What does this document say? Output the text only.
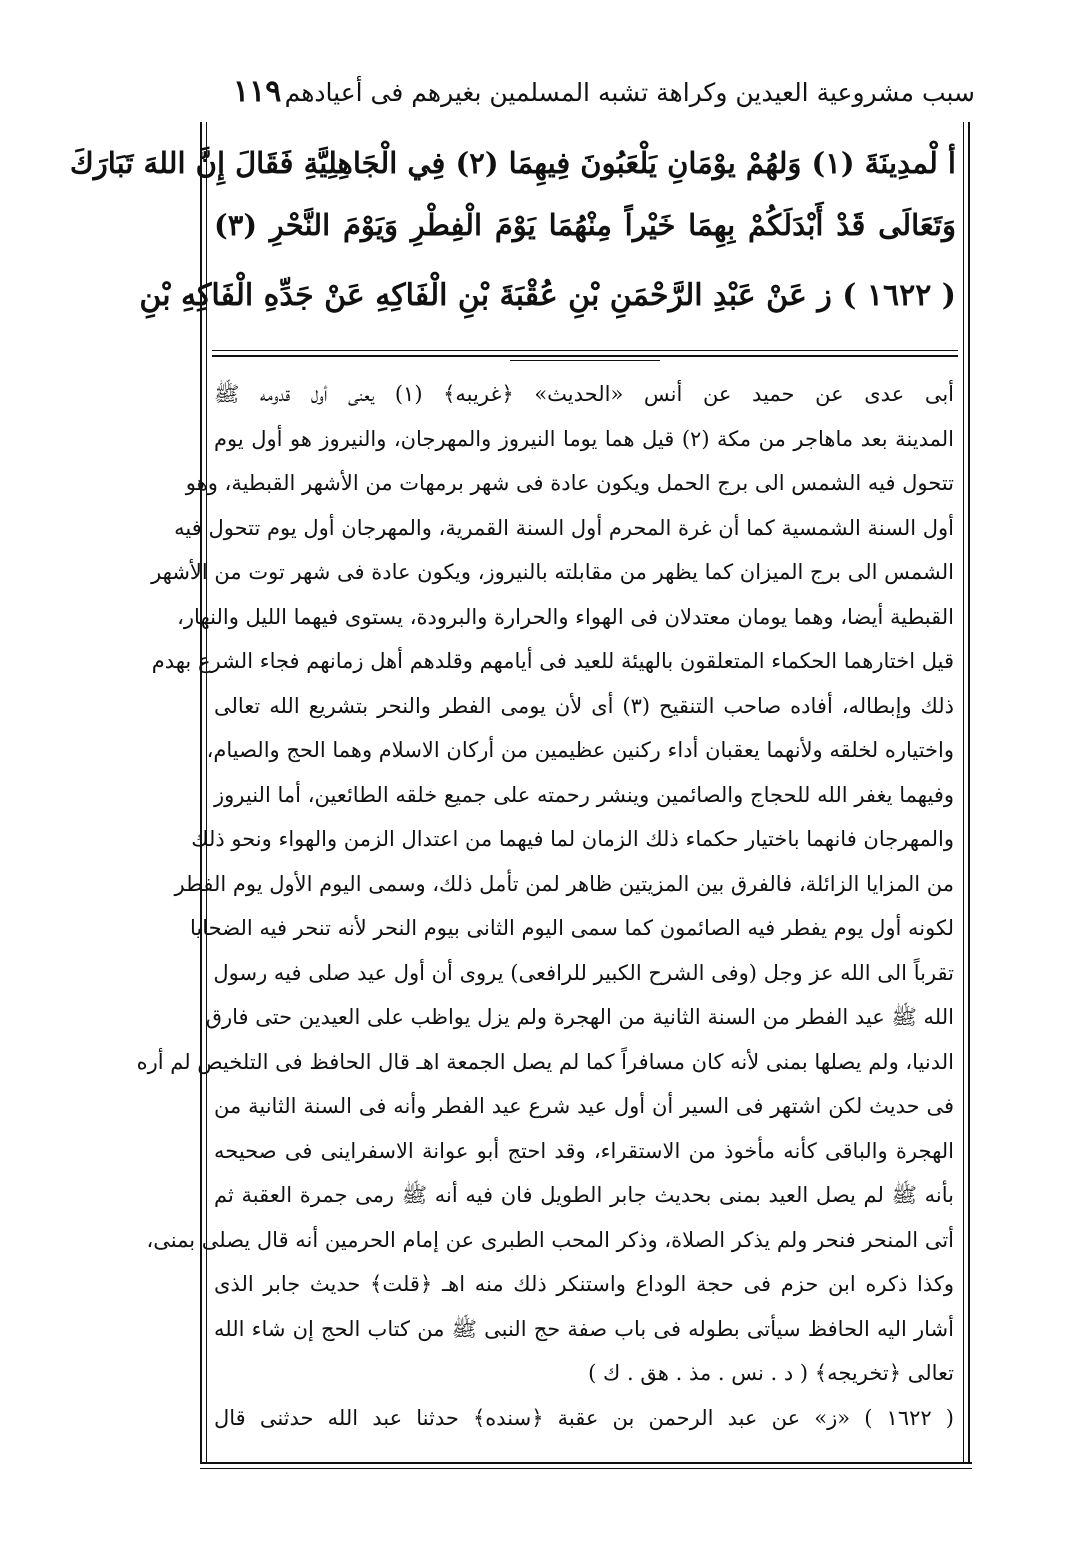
سبب مشروعية العيدين وكراهة تشبه المسلمين بغيرهم فى أعيادهم
١١٩
أ لْمدِينَةَ (١) وَلهُمْ يوْمَانِ يَلْعَبُونَ فِيهِمَا (٢) فِي الْجَاهِلِيَّةِ فَقَالَ إِنَّ اللهَ تَبَارَكَ
وَتَعَالَى قَدْ أَبْدَلَكُمْ بِهِمَا خَيْراً مِنْهُمَا يَوْمَ الْفِطْرِ وَيَوْمَ النَّحْرِ (٣)
( ١٦٢٢ ) ز عَنْ عَبْدِ الرَّحْمَنِ بْنِ عُقْبَةَ بْنِ الْفَاكِهِ عَنْ جَدِّهِ الْفَاكِهِ بْنِ
أبى عدى عن حميد عن أنس «الحديث» ﴿غريبه﴾ (١) يعنى أول قدومه ﷺ
المدينة بعد ماهاجر من مكة (٢) قيل هما يوما النيروز والمهرجان، والنيروز هو أول يوم
تتحول فيه الشمس الى برج الحمل ويكون عادة فى شهر برمهات من الأشهر القبطية، وهو
أول السنة الشمسية كما أن غرة المحرم أول السنة القمرية، والمهرجان أول يوم تتحول فيه
الشمس الى برج الميزان كما يظهر من مقابلته بالنيروز، ويكون عادة فى شهر توت من الأشهر
القبطية أيضا، وهما يومان معتدلان فى الهواء والحرارة والبرودة، يستوى فيهما الليل والنهار،
قيل اختارهما الحكماء المتعلقون بالهيئة للعيد فى أيامهم وقلدهم أهل زمانهم فجاء الشرع بهدم
ذلك وإبطاله، أفاده صاحب التنقيح (٣) أى لأن يومى الفطر والنحر بتشريع الله تعالى
واختياره لخلقه ولأنهما يعقبان أداء ركنين عظيمين من أركان الاسلام وهما الحج والصيام،
وفيهما يغفر الله للحجاج والصائمين وينشر رحمته على جميع خلقه الطائعين، أما النيروز
والمهرجان فانهما باختيار حكماء ذلك الزمان لما فيهما من اعتدال الزمن والهواء ونحو ذلك
من المزايا الزائلة، فالفرق بين المزيتين ظاهر لمن تأمل ذلك، وسمى اليوم الأول يوم الفطر
لكونه أول يوم يفطر فيه الصائمون كما سمى اليوم الثانى بيوم النحر لأنه تنحر فيه الضحايا
تقرباً الى الله عز وجل (وفى الشرح الكبير للرافعى) يروى أن أول عيد صلى فيه رسول
الله ﷺ عيد الفطر من السنة الثانية من الهجرة ولم يزل يواظب على العيدين حتى فارق
الدنيا، ولم يصلها بمنى لأنه كان مسافراً كما لم يصل الجمعة اهـ قال الحافظ فى التلخيص لم أره
فى حديث لكن اشتهر فى السير أن أول عيد شرع عيد الفطر وأنه فى السنة الثانية من
الهجرة والباقى كأنه مأخوذ من الاستقراء، وقد احتج أبو عوانة الاسفراينى فى صحيحه
بأنه ﷺ لم يصل العيد بمنى بحديث جابر الطويل فان فيه أنه ﷺ رمى جمرة العقبة ثم
أتى المنحر فنحر ولم يذكر الصلاة، وذكر المحب الطبرى عن إمام الحرمين أنه قال يصلى بمنى،
وكذا ذكره ابن حزم فى حجة الوداع واستنكر ذلك منه اهـ ﴿قلت﴾ حديث جابر الذى
أشار اليه الحافظ سيأتى بطوله فى باب صفة حج النبى ﷺ من كتاب الحج إن شاء الله
تعالى ﴿تخريجه﴾ ( د . نس . مذ . هق . ك )
( ١٦٢٢ ) «ز» عن عبد الرحمن بن عقبة ﴿سنده﴾ حدثنا عبد الله حدثنى قال
